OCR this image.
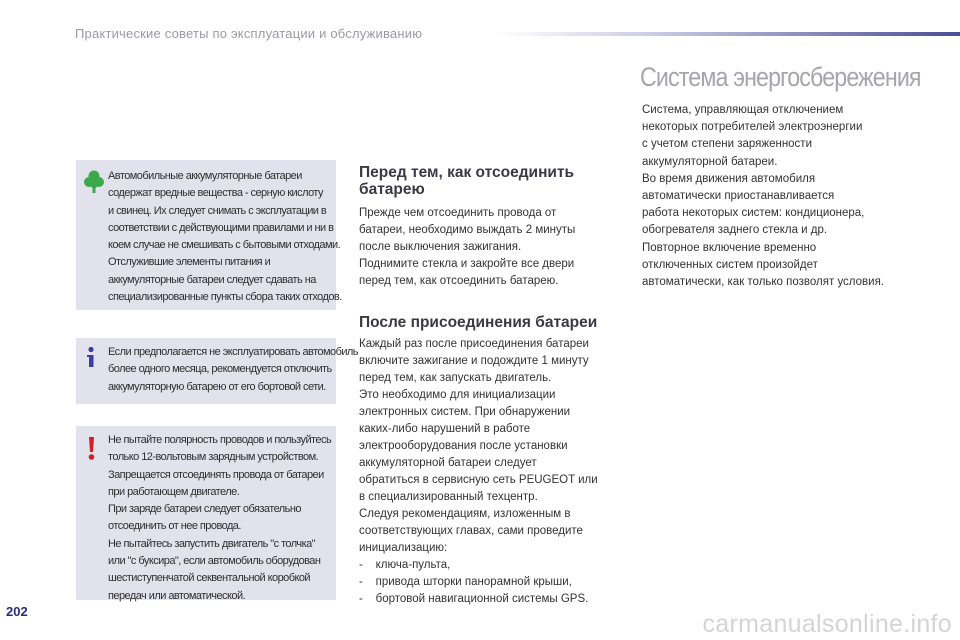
Практические советы по эксплуатации и обслуживанию
Система энергосбережения
Автомобильные аккумуляторные батареи
содержат вредные вещества - серную кислоту
и свинец. Их следует снимать с эксплуатации в
соответствии с действующими правилами и ни в
коем случае не смешивать с бытовыми отходами.
Отслужившие элементы питания и
аккумуляторные батареи следует сдавать на
специализированные пункты сбора таких отходов.
Если предполагается не эксплуатировать автомобиль
более одного месяца, рекомендуется отключить
аккумуляторную батарею от его бортовой сети.
Не пытайте полярность проводов и пользуйтесь
только 12-вольтовым зарядным устройством.
Запрещается отсоединять провода от батареи
при работающем двигателе.
При заряде батареи следует обязательно
отсоединить от нее провода.
Не пытайтесь запустить двигатель "с толчка"
или "с буксира", если автомобиль оборудован
шестиступенчатой секвентальной коробкой
передач или автоматической.
Перед тем, как отсоединить
батарею
Прежде чем отсоединить провода от
батареи, необходимо выждать 2 минуты
после выключения зажигания.
Поднимите стекла и закройте все двери
перед тем, как отсоединить батарею.
После присоединения батареи
Каждый раз после присоединения батареи
включите зажигание и подождите 1 минуту
перед тем, как запускать двигатель.
Это необходимо для инициализации
электронных систем. При обнаружении
каких-либо нарушений в работе
электрооборудования после установки
аккумуляторной батареи следует
обратиться в сервисную сеть PEUGEOT или
в специализированный техцентр.
Следуя рекомендациям, изложенным в
соответствующих главах, сами проведите
инициализацию:
-    ключа-пульта,
-    привода шторки панорамной крыши,
-    бортовой навигационной системы GPS.
Система, управляющая отключением
некоторых потребителей электроэнергии
с учетом степени заряженности
аккумуляторной батареи.
Во время движения автомобиля
автоматически приостанавливается
работа некоторых систем: кондиционера,
обогревателя заднего стекла и др.
Повторное включение временно
отключенных систем произойдет
автоматически, как только позволят условия.
202	carmanualsonline.info
